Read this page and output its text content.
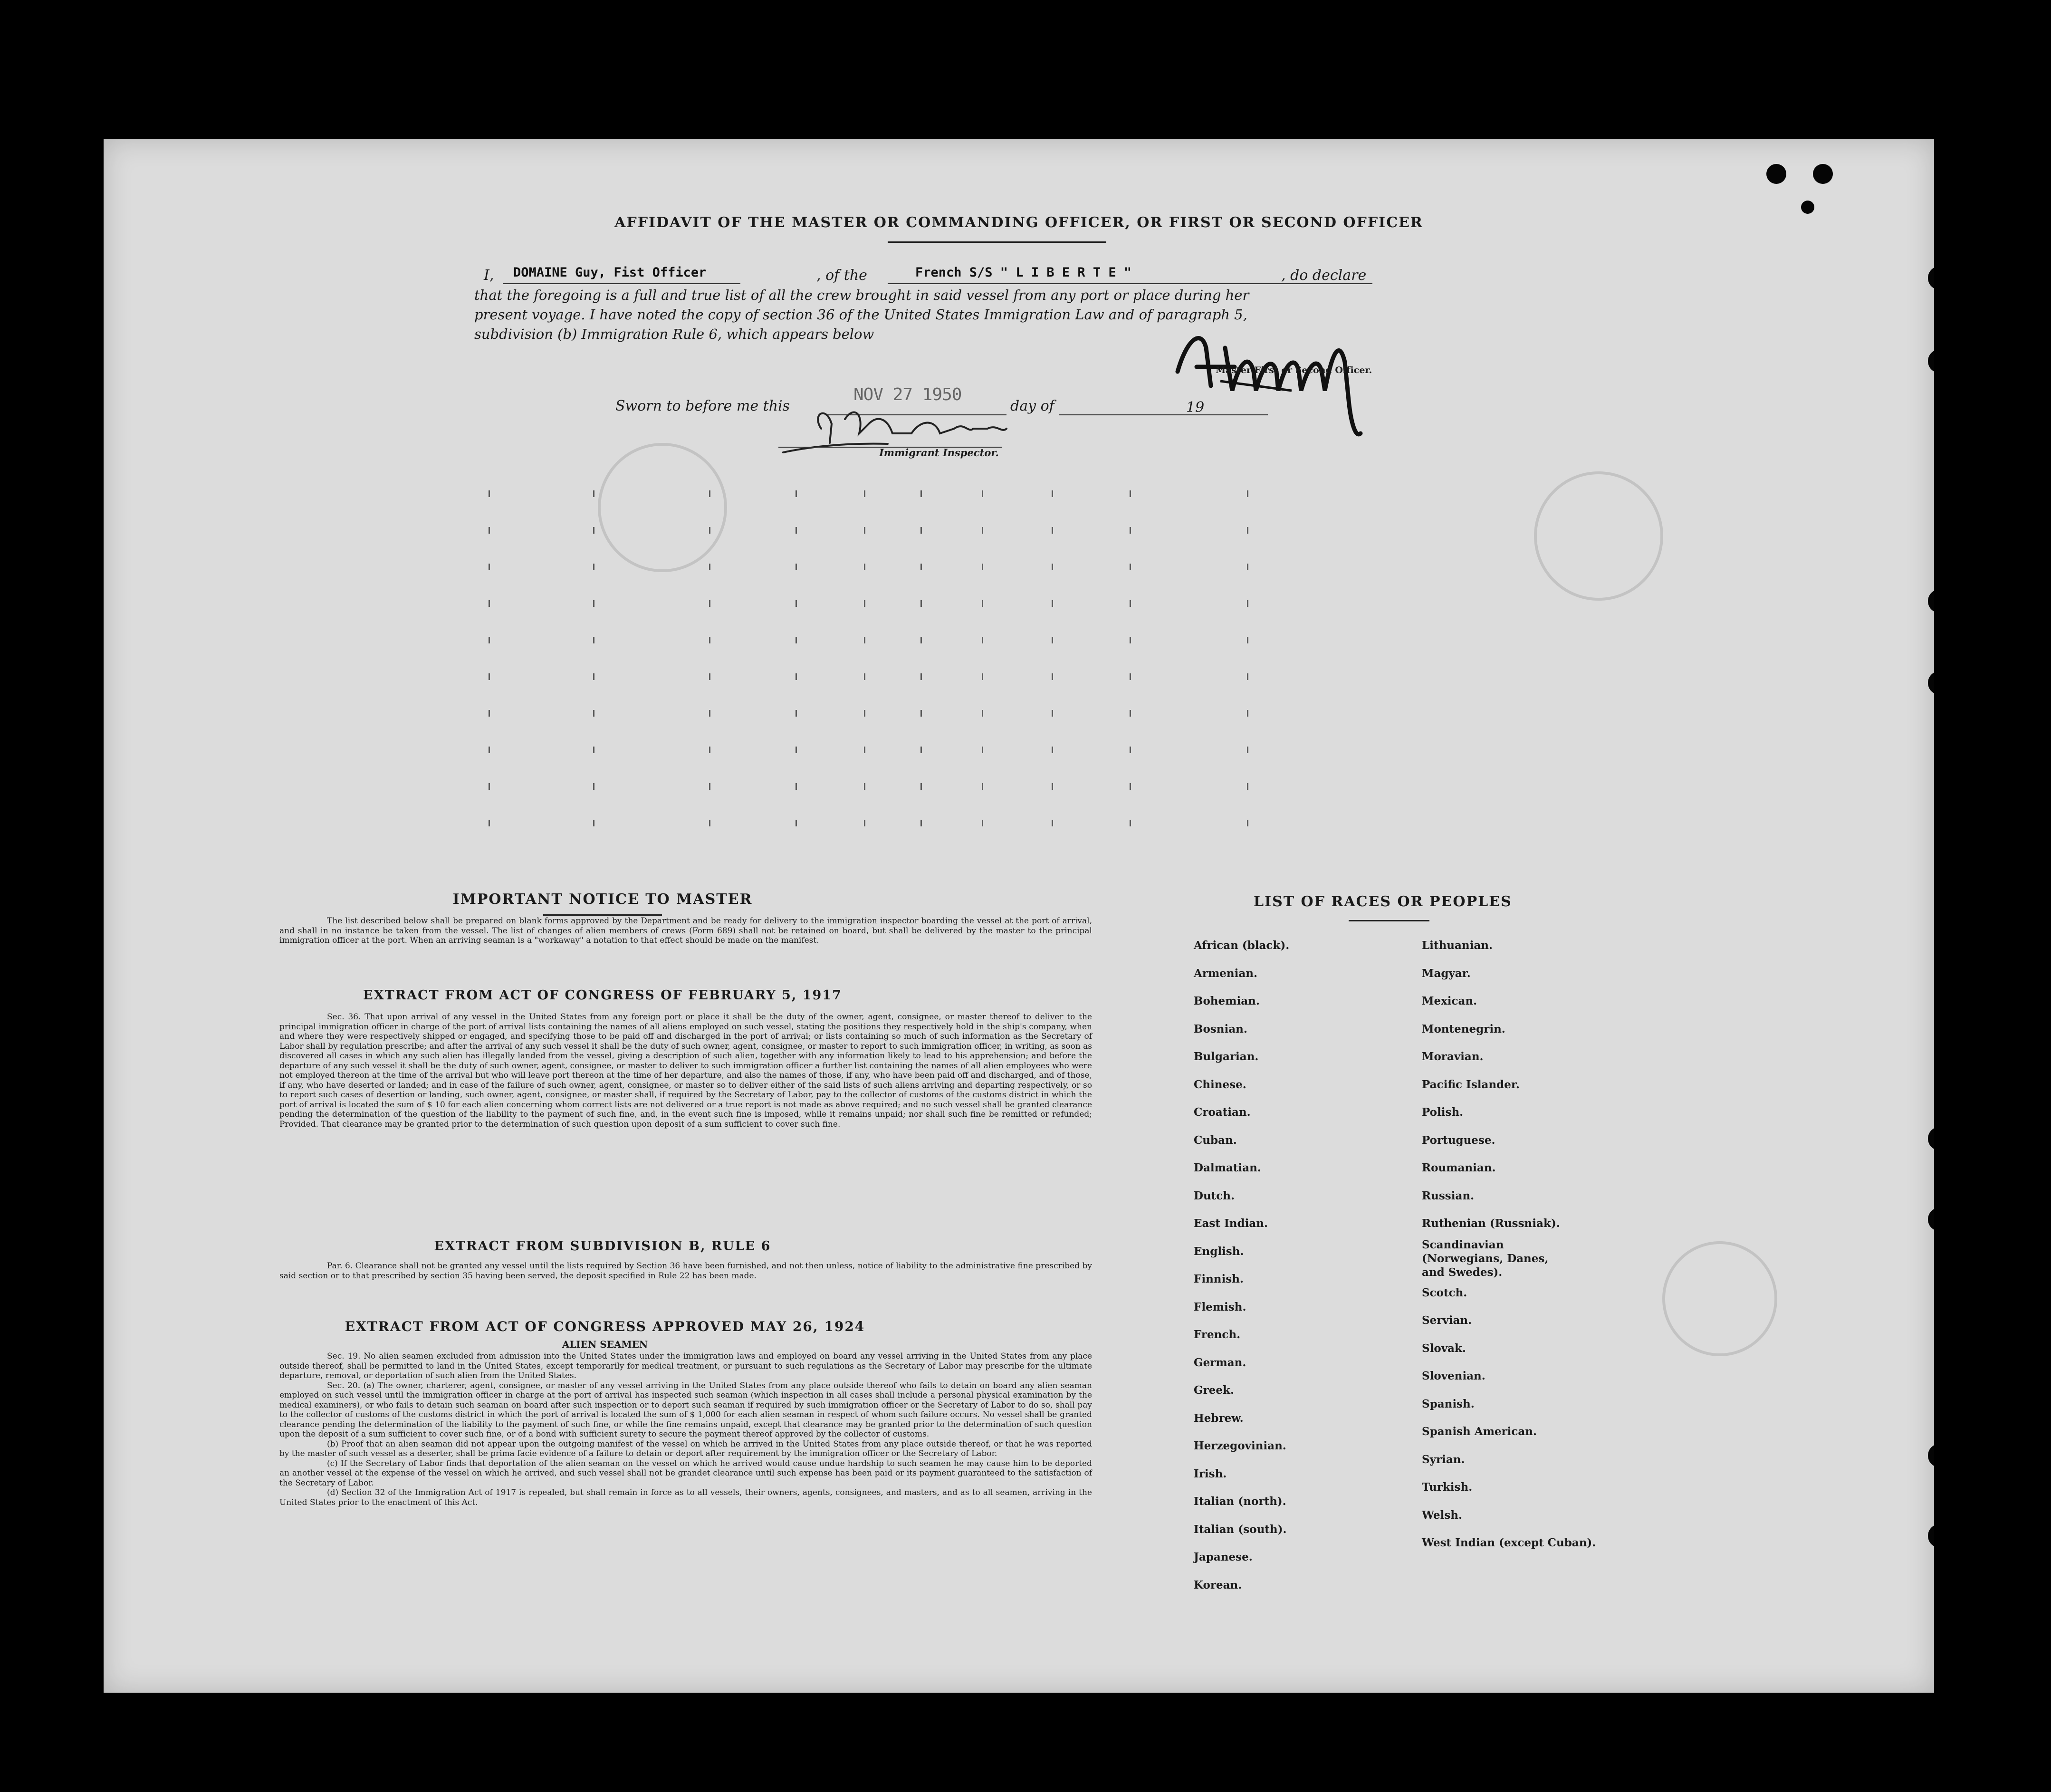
AFFIDAVIT OF THE MASTER OR COMMANDING OFFICER, OR FIRST OR SECOND OFFICER
I, DOMAINE Guy, Fist Officer	, of the	French S/S " L I B E R T E "	, do declare
that the foregoing is a full and true list of all the crew brought in said vessel from any port or place during her
present voyage. I have noted the copy of section 36 of the United States Immigration Law and of paragraph 5,
subdivision (b) Immigration Rule 6, which appears below
Master First or Second Officer.
Sworn to before me this
NOV 27 1950
day of	19
Immigrant Inspector.
IMPORTANT NOTICE TO MASTER
The list described below shall be prepared on blank forms approved by the Department and be ready for delivery to the immigration inspector boarding the vessel at the port of arrival, and shall in no instance be taken from the vessel. The list of changes of alien members of crews (Form 689) shall not be retained on board, but shall be delivered by the master to the principal immigration officer at the port. When an arriving seaman is a "workaway" a notation to that effect should be made on the manifest.
EXTRACT FROM ACT OF CONGRESS OF FEBRUARY 5, 1917
Sec. 36. That upon arrival of any vessel in the United States from any foreign port or place it shall be the duty of the owner, agent, consignee, or master thereof to deliver to the principal immigration officer in charge of the port of arrival lists containing the names of all aliens employed on such vessel, stating the positions they respectively hold in the ship's company, when and where they were respectively shipped or engaged, and specifying those to be paid off and discharged in the port of arrival; or lists containing so much of such information as the Secretary of Labor shall by regulation prescribe; and after the arrival of any such vessel it shall be the duty of such owner, agent, consignee, or master to report to such immigration officer, in writing, as soon as discovered all cases in which any such alien has illegally landed from the vessel, giving a description of such alien, together with any information likely to lead to his apprehension; and before the departure of any such vessel it shall be the duty of such owner, agent, consignee, or master to deliver to such immigration officer a further list containing the names of all alien employees who were not employed thereon at the time of the arrival but who will leave port thereon at the time of her departure, and also the names of those, if any, who have been paid off and discharged, and of those, if any, who have deserted or landed; and in case of the failure of such owner, agent, consignee, or master so to deliver either of the said lists of such aliens arriving and departing respectively, or so to report such cases of desertion or landing, such owner, agent, consignee, or master shall, if required by the Secretary of Labor, pay to the collector of customs of the customs district in which the port of arrival is located the sum of $ 10 for each alien concerning whom correct lists are not delivered or a true report is not made as above required; and no such vessel shall be granted clearance pending the determination of the question of the liability to the payment of such fine, and, in the event such fine is imposed, while it remains unpaid; nor shall such fine be remitted or refunded; Provided. That clearance may be granted prior to the determination of such question upon deposit of a sum sufficient to cover such fine.
EXTRACT FROM SUBDIVISION B, RULE 6
Par. 6. Clearance shall not be granted any vessel until the lists required by Section 36 have been furnished, and not then unless, notice of liability to the administrative fine prescribed by said section or to that prescribed by section 35 having been served, the deposit specified in Rule 22 has been made.
EXTRACT FROM ACT OF CONGRESS APPROVED MAY 26, 1924
ALIEN SEAMEN

Sec. 19. No alien seamen excluded from admission into the United States under the immigration laws and employed on board any vessel arriving in the United States from any place outside thereof, shall be permitted to land in the United States, except temporarily for medical treatment, or pursuant to such regulations as the Secretary of Labor may prescribe for the ultimate departure, removal, or deportation of such alien from the United States.

Sec. 20. (a) The owner, charterer, agent, consignee, or master of any vessel arriving in the United States from any place outside thereof who fails to detain on board any alien seaman employed on such vessel until the immigration officer in charge at the port of arrival has inspected such seaman (which inspection in all cases shall include a personal physical examination by the medical examiners), or who fails to detain such seaman on board after such inspection or to deport such seaman if required by such immigration officer or the Secretary of Labor to do so, shall pay to the collector of customs of the customs district in which the port of arrival is located the sum of $ 1,000 for each alien seaman in respect of whom such failure occurs. No vessel shall be granted clearance pending the determination of the liability to the payment of such fine, or while the fine remains unpaid, except that clearance may be granted prior to the determination of such question upon the deposit of a sum sufficient to cover such fine, or of a bond with sufficient surety to secure the payment thereof approved by the collector of customs.

(b) Proof that an alien seaman did not appear upon the outgoing manifest of the vessel on which he arrived in the United States from any place outside thereof, or that he was reported by the master of such vessel as a deserter, shall be prima facie evidence of a failure to detain or deport after requirement by the immigration officer or the Secretary of Labor.

(c) If the Secretary of Labor finds that deportation of the alien seaman on the vessel on which he arrived would cause undue hardship to such seamen he may cause him to be deported an another vessel at the expense of the vessel on which he arrived, and such vessel shall not be grandet clearance until such expense has been paid or its payment guaranteed to the satisfaction of the Secretary of Labor.

(d) Section 32 of the Immigration Act of 1917 is repealed, but shall remain in force as to all vessels, their owners, agents, consignees, and masters, and as to all seamen, arriving in the United States prior to the enactment of this Act.

LIST OF RACES OR PEOPLES
African (black).
Armenian.
Bohemian.
Bosnian.
Bulgarian.
Chinese.
Croatian.
Cuban.
Dalmatian.
Dutch.
East Indian.
English.
Finnish.
Flemish.
French.
German.
Greek.
Hebrew.
Herzegovinian.
Irish.
Italian (north).
Italian (south).
Japanese.
Korean.
Lithuanian.
Magyar.
Mexican.
Montenegrin.
Moravian.
Pacific Islander.
Polish.
Portuguese.
Roumanian.
Russian.
Ruthenian (Russniak).
Scandinavian (Norwegians, Danes, and Swedes).
Scotch.
Servian.
Slovak.
Slovenian.
Spanish.
Spanish American.
Syrian.
Turkish.
Welsh.
West Indian (except Cuban).
